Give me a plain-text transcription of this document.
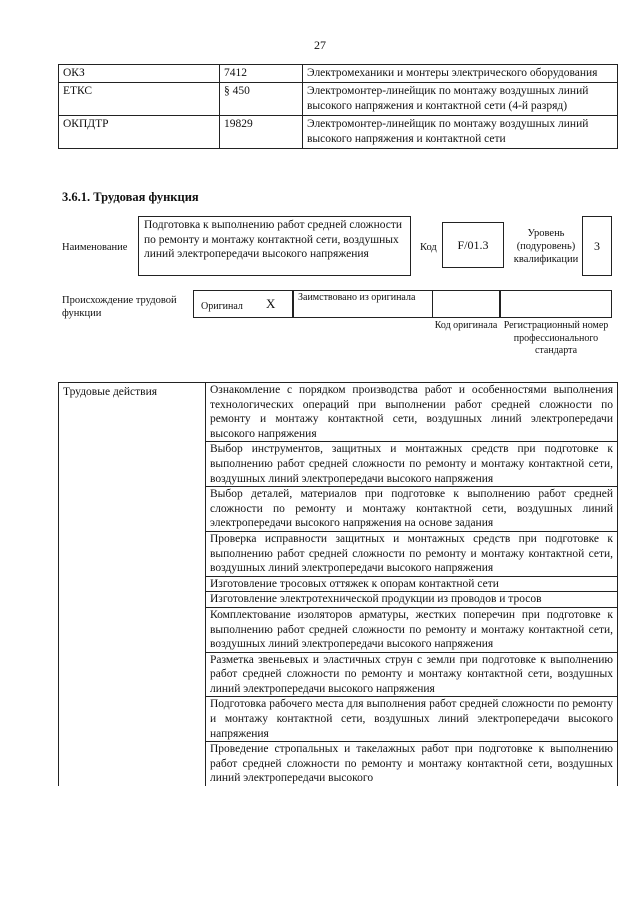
27
ОКЗ	7412	Электромеханики и монтеры электрического оборудования
ЕТКС	§ 450	Электромонтер-линейщик по монтажу воздушных линий высокого напряжения и контактной сети (4-й разряд)
ОКПДТР	19829	Электромонтер-линейщик по монтажу воздушных линий высокого напряжения и контактной сети
3.6.1. Трудовая функция
Наименование
Подготовка к выполнению работ средней сложности по ремонту и монтажу контактной сети, воздушных линий электропередачи высокого напряжения
Код	F/01.3
Уровень (подуровень) квалификации
3
Происхождение трудовой функции
Оригинал X	Заимствовано из оригинала
Код оригинала Регистрационный номер профессионального стандарта
Трудовые действия	Ознакомление с порядком производства работ и особенностями выполнения технологических операций при выполнении работ средней сложности по ремонту и монтажу контактной сети, воздушных линий электропередачи высокого напряжения
Выбор инструментов, защитных и монтажных средств при подготовке к выполнению работ средней сложности по ремонту и монтажу контактной сети, воздушных линий электропередачи высокого напряжения
Выбор деталей, материалов при подготовке к выполнению работ средней сложности по ремонту и монтажу контактной сети, воздушных линий электропередачи высокого напряжения на основе задания
Проверка исправности защитных и монтажных средств при подготовке к выполнению работ средней сложности по ремонту и монтажу контактной сети, воздушных линий электропередачи высокого напряжения
Изготовление тросовых оттяжек к опорам контактной сети
Изготовление электротехнической продукции из проводов и тросов
Комплектование изоляторов арматуры, жестких поперечин при подготовке к выполнению работ средней сложности по ремонту и монтажу контактной сети, воздушных линий электропередачи высокого напряжения
Разметка звеньевых и эластичных струн с земли при подготовке к выполнению работ средней сложности по ремонту и монтажу контактной сети, воздушных линий электропередачи высокого напряжения
Подготовка рабочего места для выполнения работ средней сложности по ремонту и монтажу контактной сети, воздушных линий электропередачи высокого напряжения
Проведение стропальных и такелажных работ при подготовке к выполнению работ средней сложности по ремонту и монтажу контактной сети, воздушных линий электропередачи высокого
